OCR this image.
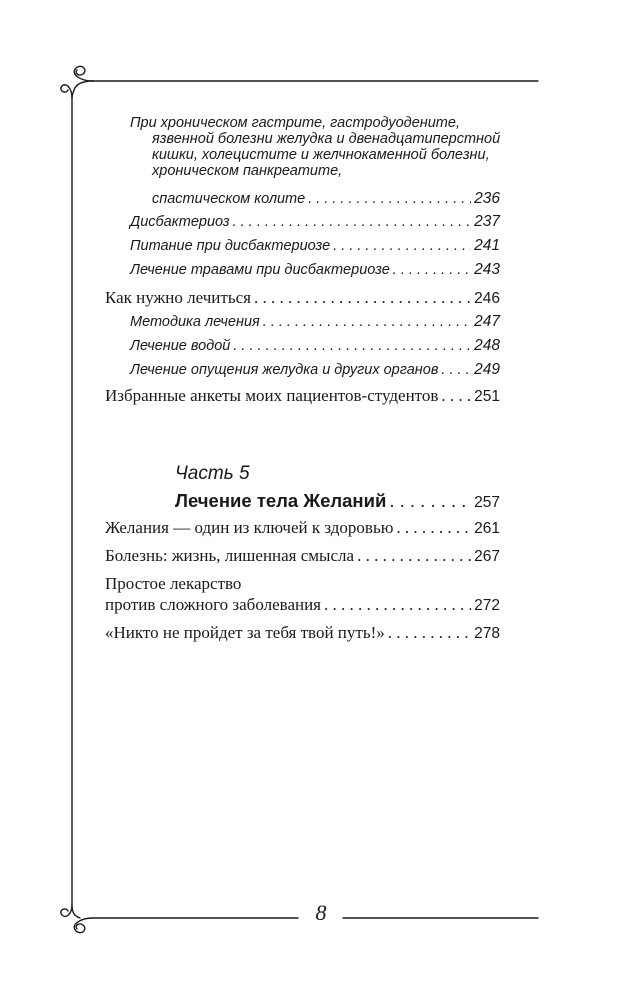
При хроническом гастрите, гастродуодените,
язвенной болезни желудка и двенадцатиперстной
кишки, холецистите и желчнокаменной болезни,
хроническом панкреатите,
спастическом колите . . .	236
Дисбактериоз . . .	237
Питание при дисбактериозе . . .	241
Лечение травами при дисбактериозе . . .	243
Как нужно лечиться . . .	246
Методика лечения . . .	247
Лечение водой . . .	248
Лечение опущения желудка и других органов . . . 249
Избранные анкеты моих пациентов-студентов . . . 251
Часть 5
Лечение тела Желаний . . .	257
Желания — один из ключей к здоровью . . .	261
Болезнь: жизнь, лишенная смысла . . .	267
Простое лекарство
против сложного заболевания . . .	272
«Никто не пройдет за тебя твой путь!» . . .	278
8
